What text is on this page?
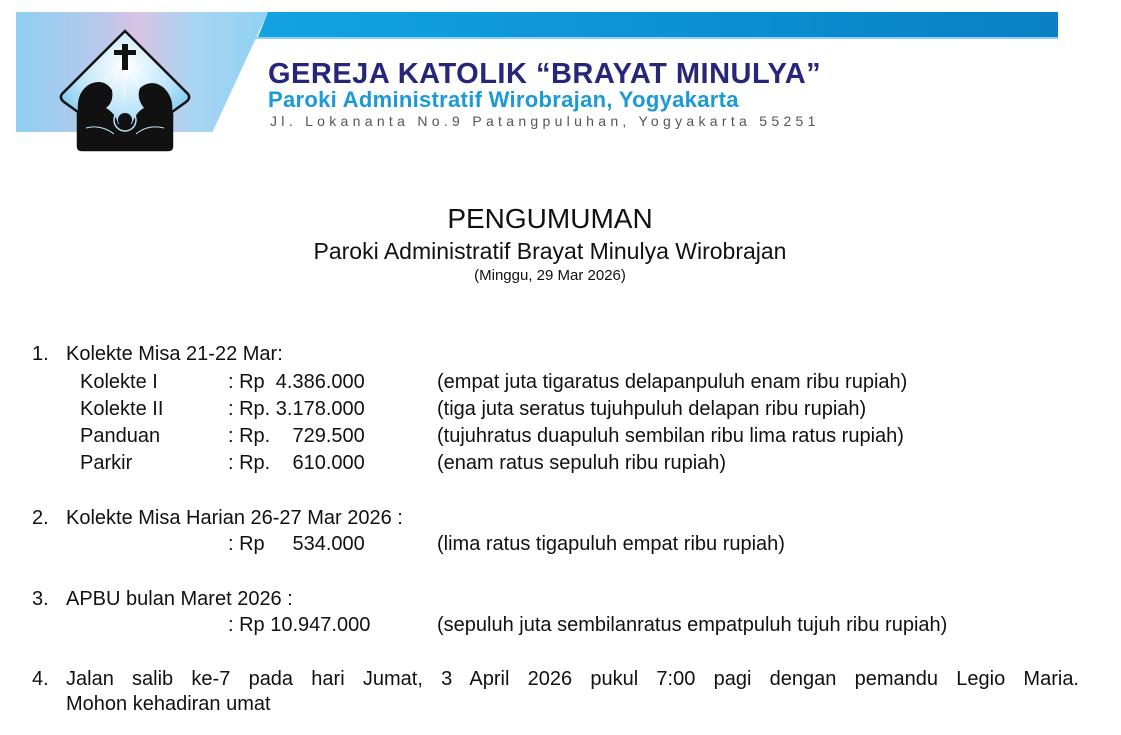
GEREJA KATOLIK “BRAYAT MINULYA”
Paroki Administratif Wirobrajan, Yogyakarta
Jl. Lokananta No.9 Patangpuluhan, Yogyakarta 55251
PENGUMUMAN
Paroki Administratif Brayat Minulya Wirobrajan
(Minggu, 29 Mar 2026)
1. Kolekte Misa 21-22 Mar:
Kolekte I	: Rp  4.386.000	(empat juta tigaratus delapanpuluh enam ribu rupiah)
Kolekte II	: Rp. 3.178.000	(tiga juta seratus tujuhpuluh delapan ribu rupiah)
Panduan	: Rp.    729.500	(tujuhratus duapuluh sembilan ribu lima ratus rupiah)
Parkir	: Rp.    610.000	(enam ratus sepuluh ribu rupiah)
2. Kolekte Misa Harian 26-27 Mar 2026 :
: Rp     534.000	(lima ratus tigapuluh empat ribu rupiah)
3. APBU bulan Maret 2026 :
: Rp 10.947.000	(sepuluh juta sembilanratus empatpuluh tujuh ribu rupiah)
4. Jalan salib ke-7 pada hari Jumat, 3 April 2026 pukul 7:00 pagi dengan pemandu Legio Maria.
Mohon kehadiran umat
